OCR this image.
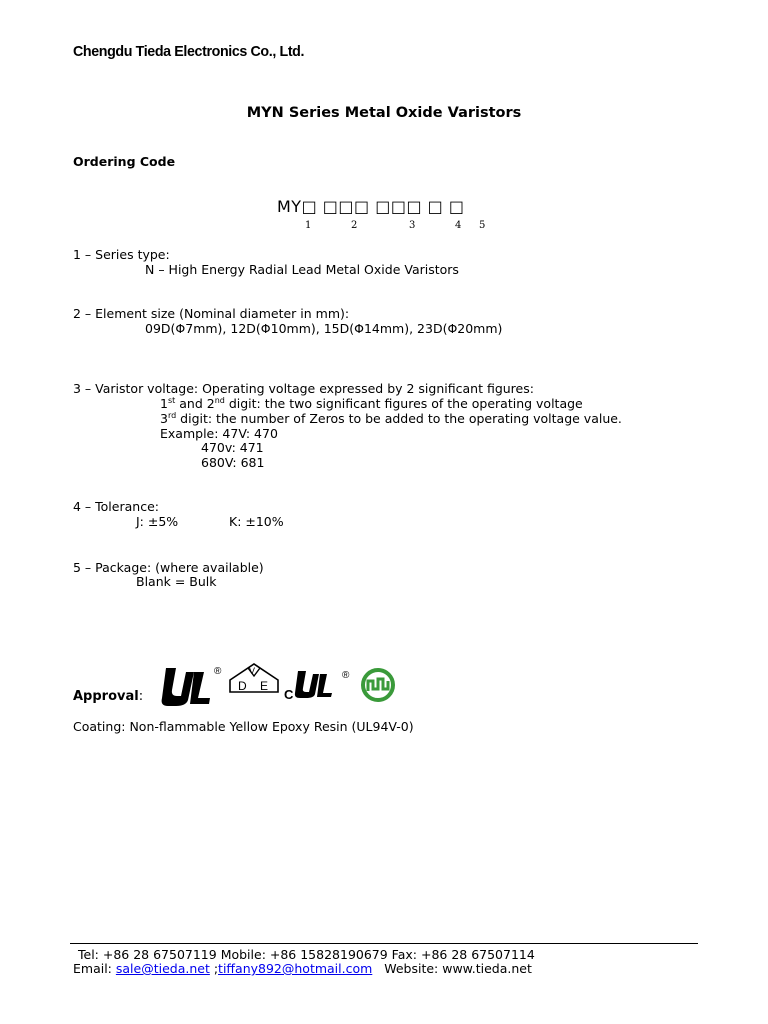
Chengdu Tieda Electronics Co., Ltd.
MYN Series Metal Oxide Varistors
Ordering Code
MY□ □□□ □□□ □ □
1	2	3	4 5
1 – Series type:
N – High Energy Radial Lead Metal Oxide Varistors
2 – Element size (Nominal diameter in mm):
09D(Φ7mm), 12D(Φ10mm), 15D(Φ14mm), 23D(Φ20mm)
3 – Varistor voltage: Operating voltage expressed by 2 significant figures:
1st and 2nd digit: the two significant figures of the operating voltage
3rd digit: the number of Zeros to be added to the operating voltage value.
Example: 47V: 470
470v: 471
680V: 681
4 – Tolerance:
J: ±5%	K: ±10%
5 – Package: (where available)
Blank = Bulk
Approval:
®	V
D E
C
®
Coating: Non-flammable Yellow Epoxy Resin (UL94V-0)
Tel: +86 28 67507119 Mobile: +86 15828190679 Fax: +86 28 67507114
Email: sale@tieda.net ;tiffany892@hotmail.com   Website: www.tieda.net
